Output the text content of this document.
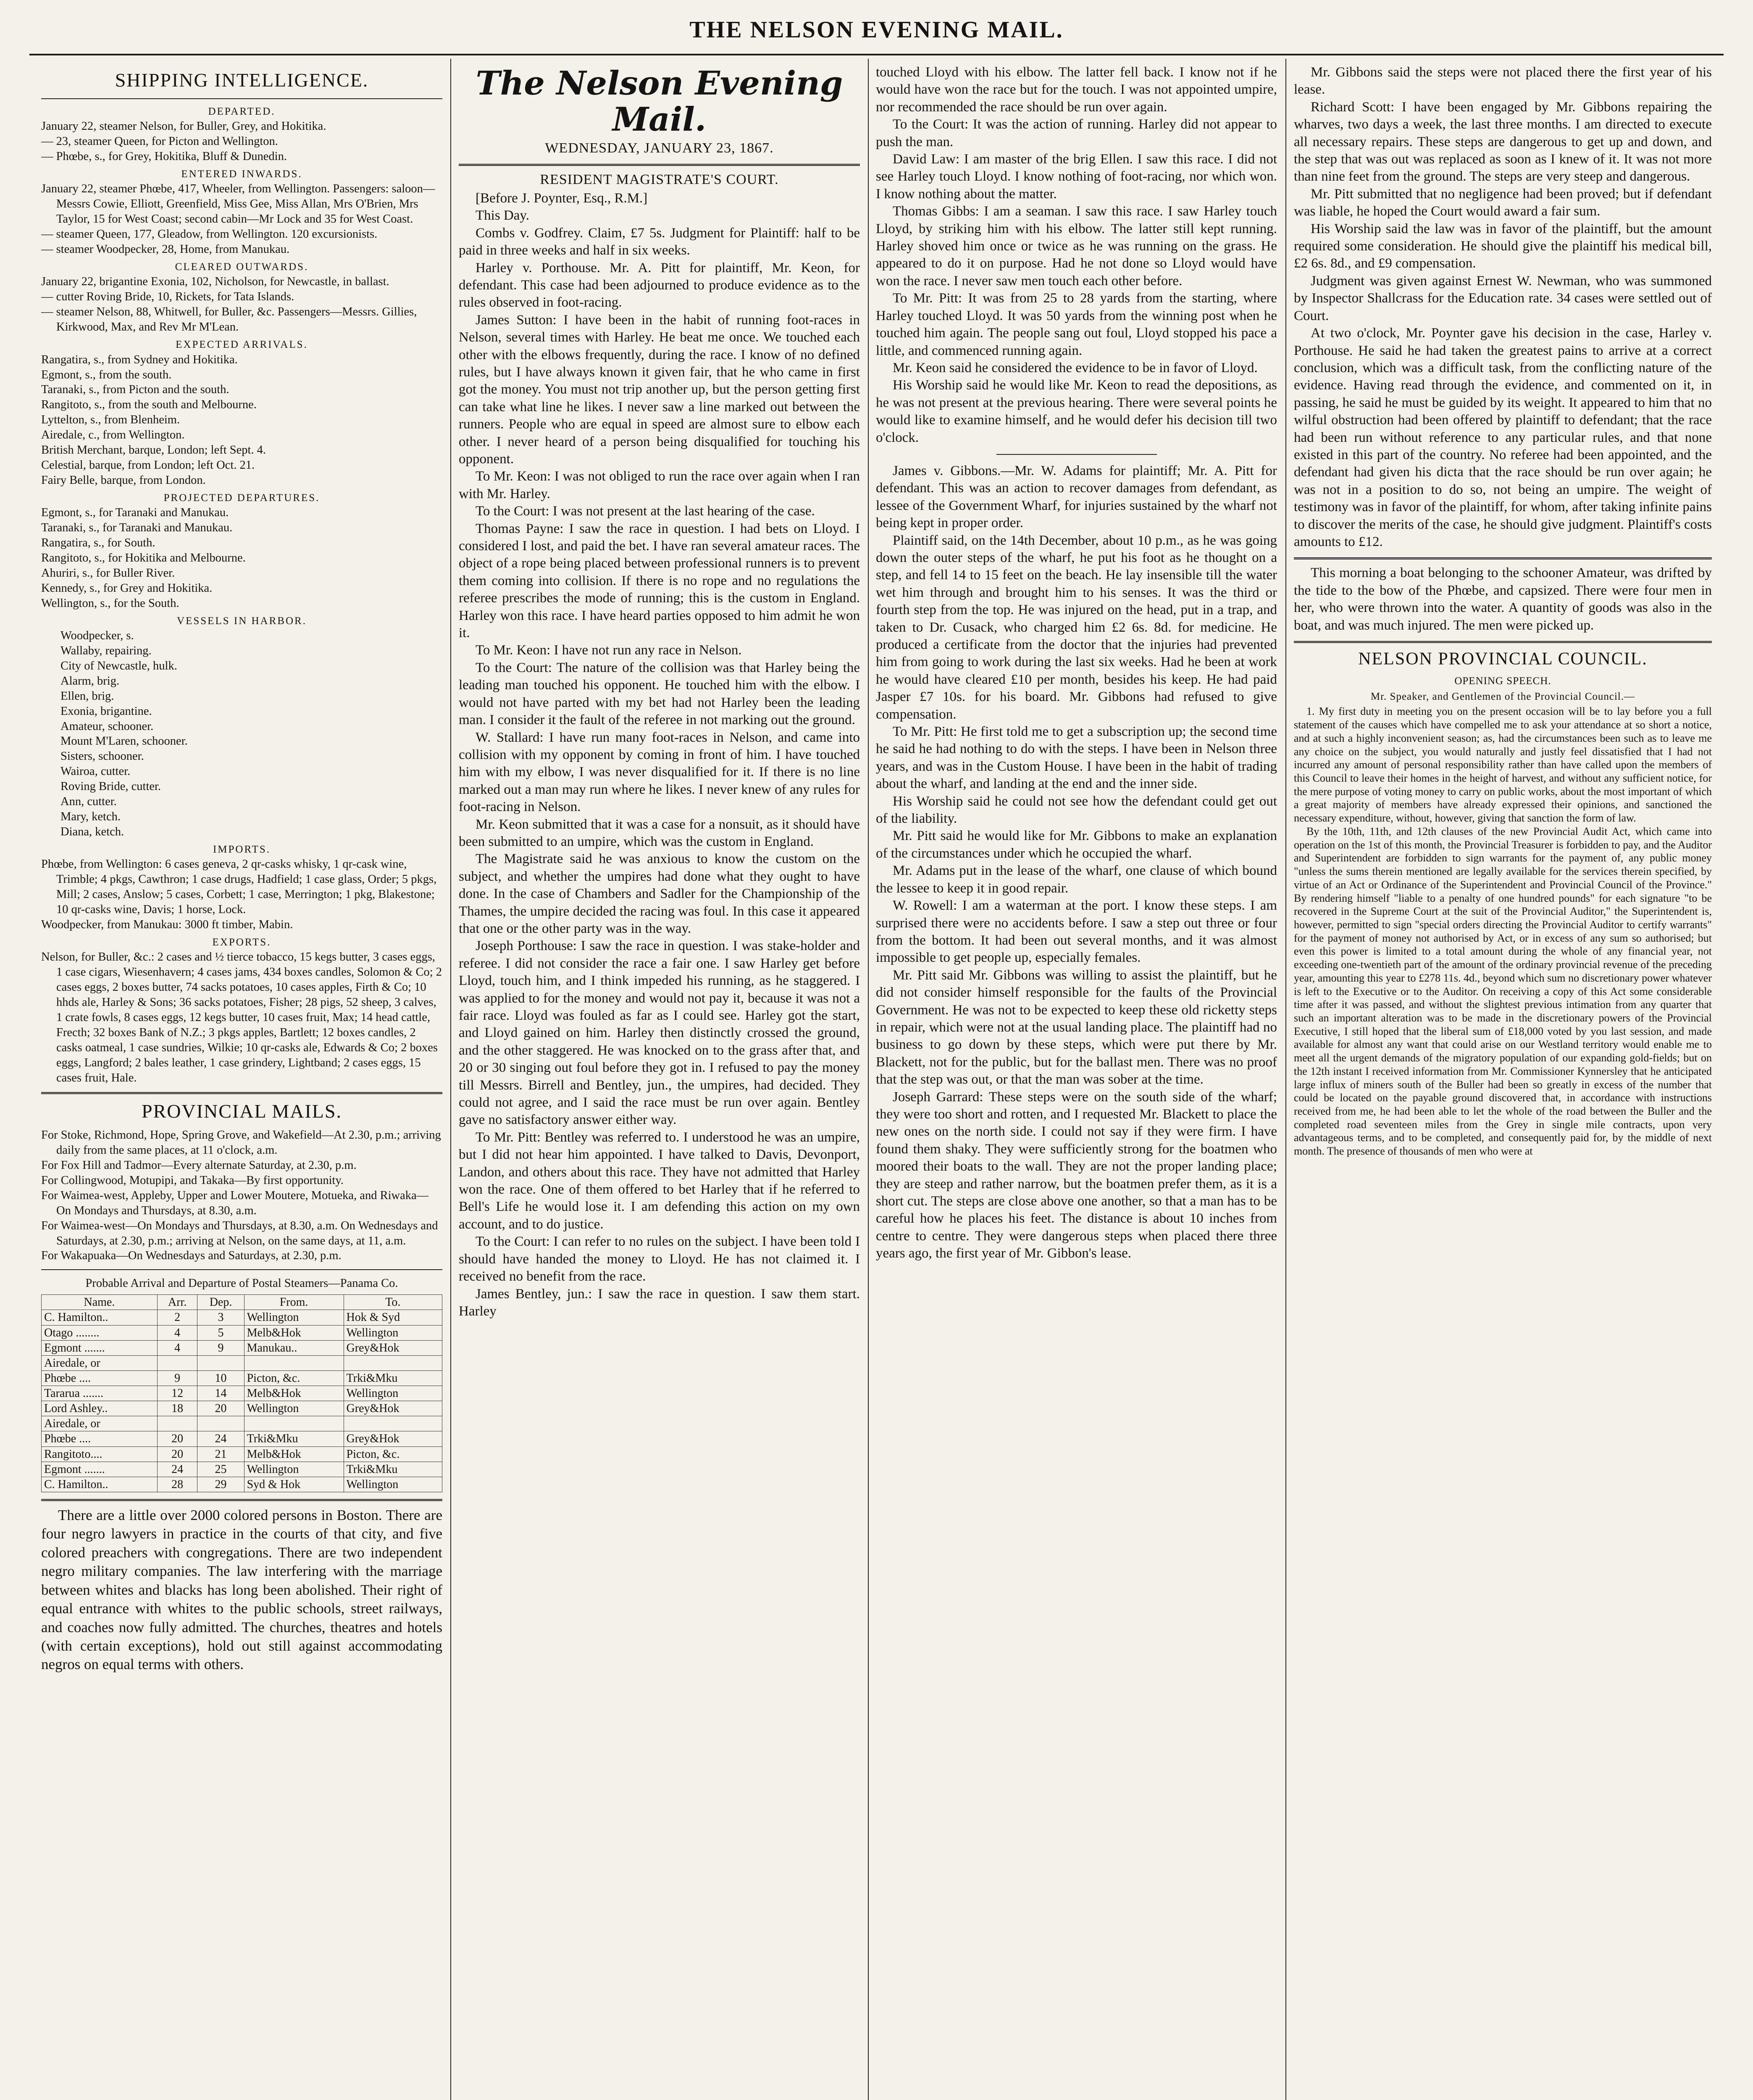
THE NELSON EVENING MAIL.
SHIPPING INTELLIGENCE.
DEPARTED.

January 22, steamer Nelson, for Buller, Grey, and Hokitika.

— 23, steamer Queen, for Picton and Wellington.

— Phœbe, s., for Grey, Hokitika, Bluff & Dunedin.

ENTERED INWARDS.

January 22, steamer Phœbe, 417, Wheeler, from Wellington. Passengers: saloon—Messrs Cowie, Elliott, Greenfield, Miss Gee, Miss Allan, Mrs O'Brien, Mrs Taylor, 15 for West Coast; second cabin—Mr Lock and 35 for West Coast.

— steamer Queen, 177, Gleadow, from Wellington. 120 excursionists.

— steamer Woodpecker, 28, Home, from Manukau.

CLEARED OUTWARDS.

January 22, brigantine Exonia, 102, Nicholson, for Newcastle, in ballast.

— cutter Roving Bride, 10, Rickets, for Tata Islands.

— steamer Nelson, 88, Whitwell, for Buller, &c. Passengers—Messrs. Gillies, Kirkwood, Max, and Rev Mr M'Lean.

EXPECTED ARRIVALS.

Rangatira, s., from Sydney and Hokitika.

Egmont, s., from the south.

Taranaki, s., from Picton and the south.

Rangitoto, s., from the south and Melbourne.

Lyttelton, s., from Blenheim.

Airedale, c., from Wellington.

British Merchant, barque, London; left Sept. 4.

Celestial, barque, from London; left Oct. 21.

Fairy Belle, barque, from London.

PROJECTED DEPARTURES.

Egmont, s., for Taranaki and Manukau.

Taranaki, s., for Taranaki and Manukau.

Rangatira, s., for South.

Rangitoto, s., for Hokitika and Melbourne.

Ahuriri, s., for Buller River.

Kennedy, s., for Grey and Hokitika.

Wellington, s., for the South.

VESSELS IN HARBOR.

Woodpecker, s.

Wallaby, repairing.

City of Newcastle, hulk.

Alarm, brig.

Ellen, brig.

Exonia, brigantine.

Amateur, schooner.

Mount M'Laren, schooner.

Sisters, schooner.

Wairoa, cutter.

Roving Bride, cutter.

Ann, cutter.

Mary, ketch.

Diana, ketch.

IMPORTS.

Phœbe, from Wellington: 6 cases geneva, 2 qr-casks whisky, 1 qr-cask wine, Trimble; 4 pkgs, Cawthron; 1 case drugs, Hadfield; 1 case glass, Order; 5 pkgs, Mill; 2 cases, Anslow; 5 cases, Corbett; 1 case, Merrington; 1 pkg, Blakestone; 10 qr-casks wine, Davis; 1 horse, Lock.

Woodpecker, from Manukau: 3000 ft timber, Mabin.

EXPORTS.

Nelson, for Buller, &c.: 2 cases and ½ tierce tobacco, 15 kegs butter, 3 cases eggs, 1 case cigars, Wiesenhavern; 4 cases jams, 434 boxes candles, Solomon & Co; 2 cases eggs, 2 boxes butter, 74 sacks potatoes, 10 cases apples, Firth & Co; 10 hhds ale, Harley & Sons; 36 sacks potatoes, Fisher; 28 pigs, 52 sheep, 3 calves, 1 crate fowls, 8 cases eggs, 12 kegs butter, 10 cases fruit, Max; 14 head cattle, Frecth; 32 boxes Bank of N.Z.; 3 pkgs apples, Bartlett; 12 boxes candles, 2 casks oatmeal, 1 case sundries, Wilkie; 10 qr-casks ale, Edwards & Co; 2 boxes eggs, Langford; 2 bales leather, 1 case grindery, Lightband; 2 cases eggs, 15 cases fruit, Hale.

PROVINCIAL MAILS.

For Stoke, Richmond, Hope, Spring Grove, and Wakefield—At 2.30, p.m.; arriving daily from the same places, at 11 o'clock, a.m.

For Fox Hill and Tadmor—Every alternate Saturday, at 2.30, p.m.

For Collingwood, Motupipi, and Takaka—By first opportunity.

For Waimea-west, Appleby, Upper and Lower Moutere, Motueka, and Riwaka—On Mondays and Thursdays, at 8.30, a.m.

For Waimea-west—On Mondays and Thursdays, at 8.30, a.m. On Wednesdays and Saturdays, at 2.30, p.m.; arriving at Nelson, on the same days, at 11, a.m.

For Wakapuaka—On Wednesdays and Saturdays, at 2.30, p.m.

Probable Arrival and Departure of Postal Steamers—Panama Co.

Name.	Arr.	Dep.	From.	To.
C. Hamilton..	2	3	Wellington	Hok & Syd
Otago ........	4	5	Melb&Hok	Wellington
Egmont .......	4	9	Manukau..	Grey&Hok
Airedale, or				
Phœbe ....	9	10	Picton, &c.	Trki&Mku
Tararua .......	12	14	Melb&Hok	Wellington
Lord Ashley..	18	20	Wellington	Grey&Hok
Airedale, or				
Phœbe ....	20	24	Trki&Mku	Grey&Hok
Rangitoto....	20	21	Melb&Hok	Picton, &c.
Egmont .......	24	25	Wellington	Trki&Mku
C. Hamilton..	28	29	Syd & Hok	Wellington

There are a little over 2000 colored persons in Boston. There are four negro lawyers in practice in the courts of that city, and five colored preachers with congregations. There are two independent negro military companies. The law interfering with the marriage between whites and blacks has long been abolished. Their right of equal entrance with whites to the public schools, street railways, and coaches now fully admitted. The churches, theatres and hotels (with certain exceptions), hold out still against accommodating negros on equal terms with others.

The Nelson Evening Mail.
WEDNESDAY, JANUARY 23, 1867.
RESIDENT MAGISTRATE'S COURT.

[Before J. Poynter, Esq., R.M.]

This Day.

Combs v. Godfrey. Claim, £7 5s. Judgment for Plaintiff: half to be paid in three weeks and half in six weeks.

Harley v. Porthouse. Mr. A. Pitt for plaintiff, Mr. Keon, for defendant. This case had been adjourned to produce evidence as to the rules observed in foot-racing.

James Sutton: I have been in the habit of running foot-races in Nelson, several times with Harley. He beat me once. We touched each other with the elbows frequently, during the race. I know of no defined rules, but I have always known it given fair, that he who came in first got the money. You must not trip another up, but the person getting first can take what line he likes. I never saw a line marked out between the runners. People who are equal in speed are almost sure to elbow each other. I never heard of a person being disqualified for touching his opponent.

To Mr. Keon: I was not obliged to run the race over again when I ran with Mr. Harley.

To the Court: I was not present at the last hearing of the case.

Thomas Payne: I saw the race in question. I had bets on Lloyd. I considered I lost, and paid the bet. I have ran several amateur races. The object of a rope being placed between professional runners is to prevent them coming into collision. If there is no rope and no regulations the referee prescribes the mode of running; this is the custom in England. Harley won this race. I have heard parties opposed to him admit he won it.

To Mr. Keon: I have not run any race in Nelson.

To the Court: The nature of the collision was that Harley being the leading man touched his opponent. He touched him with the elbow. I would not have parted with my bet had not Harley been the leading man. I consider it the fault of the referee in not marking out the ground.

W. Stallard: I have run many foot-races in Nelson, and came into collision with my opponent by coming in front of him. I have touched him with my elbow, I was never disqualified for it. If there is no line marked out a man may run where he likes. I never knew of any rules for foot-racing in Nelson.

Mr. Keon submitted that it was a case for a nonsuit, as it should have been submitted to an umpire, which was the custom in England.

The Magistrate said he was anxious to know the custom on the subject, and whether the umpires had done what they ought to have done. In the case of Chambers and Sadler for the Championship of the Thames, the umpire decided the racing was foul. In this case it appeared that one or the other party was in the way.

Joseph Porthouse: I saw the race in question. I was stake-holder and referee. I did not consider the race a fair one. I saw Harley get before Lloyd, touch him, and I think impeded his running, as he staggered. I was applied to for the money and would not pay it, because it was not a fair race. Lloyd was fouled as far as I could see. Harley got the start, and Lloyd gained on him. Harley then distinctly crossed the ground, and the other staggered. He was knocked on to the grass after that, and 20 or 30 singing out foul before they got in. I refused to pay the money till Messrs. Birrell and Bentley, jun., the umpires, had decided. They could not agree, and I said the race must be run over again. Bentley gave no satisfactory answer either way.

To Mr. Pitt: Bentley was referred to. I understood he was an umpire, but I did not hear him appointed. I have talked to Davis, Devonport, Landon, and others about this race. They have not admitted that Harley won the race. One of them offered to bet Harley that if he referred to Bell's Life he would lose it. I am defending this action on my own account, and to do justice.

To the Court: I can refer to no rules on the subject. I have been told I should have handed the money to Lloyd. He has not claimed it. I received no benefit from the race.

James Bentley, jun.: I saw the race in question. I saw them start. Harley

touched Lloyd with his elbow. The latter fell back. I know not if he would have won the race but for the touch. I was not appointed umpire, nor recommended the race should be run over again.

To the Court: It was the action of running. Harley did not appear to push the man.

David Law: I am master of the brig Ellen. I saw this race. I did not see Harley touch Lloyd. I know nothing of foot-racing, nor which won. I know nothing about the matter.

Thomas Gibbs: I am a seaman. I saw this race. I saw Harley touch Lloyd, by striking him with his elbow. The latter still kept running. Harley shoved him once or twice as he was running on the grass. He appeared to do it on purpose. Had he not done so Lloyd would have won the race. I never saw men touch each other before.

To Mr. Pitt: It was from 25 to 28 yards from the starting, where Harley touched Lloyd. It was 50 yards from the winning post when he touched him again. The people sang out foul, Lloyd stopped his pace a little, and commenced running again.

Mr. Keon said he considered the evidence to be in favor of Lloyd.

His Worship said he would like Mr. Keon to read the depositions, as he was not present at the previous hearing. There were several points he would like to examine himself, and he would defer his decision till two o'clock.

James v. Gibbons.—Mr. W. Adams for plaintiff; Mr. A. Pitt for defendant. This was an action to recover damages from defendant, as lessee of the Government Wharf, for injuries sustained by the wharf not being kept in proper order.

Plaintiff said, on the 14th December, about 10 p.m., as he was going down the outer steps of the wharf, he put his foot as he thought on a step, and fell 14 to 15 feet on the beach. He lay insensible till the water wet him through and brought him to his senses. It was the third or fourth step from the top. He was injured on the head, put in a trap, and taken to Dr. Cusack, who charged him £2 6s. 8d. for medicine. He produced a certificate from the doctor that the injuries had prevented him from going to work during the last six weeks. Had he been at work he would have cleared £10 per month, besides his keep. He had paid Jasper £7 10s. for his board. Mr. Gibbons had refused to give compensation.

To Mr. Pitt: He first told me to get a subscription up; the second time he said he had nothing to do with the steps. I have been in Nelson three years, and was in the Custom House. I have been in the habit of trading about the wharf, and landing at the end and the inner side.

His Worship said he could not see how the defendant could get out of the liability.

Mr. Pitt said he would like for Mr. Gibbons to make an explanation of the circumstances under which he occupied the wharf.

Mr. Adams put in the lease of the wharf, one clause of which bound the lessee to keep it in good repair.

W. Rowell: I am a waterman at the port. I know these steps. I am surprised there were no accidents before. I saw a step out three or four from the bottom. It had been out several months, and it was almost impossible to get people up, especially females.

Mr. Pitt said Mr. Gibbons was willing to assist the plaintiff, but he did not consider himself responsible for the faults of the Provincial Government. He was not to be expected to keep these old ricketty steps in repair, which were not at the usual landing place. The plaintiff had no business to go down by these steps, which were put there by Mr. Blackett, not for the public, but for the ballast men. There was no proof that the step was out, or that the man was sober at the time.

Joseph Garrard: These steps were on the south side of the wharf; they were too short and rotten, and I requested Mr. Blackett to place the new ones on the north side. I could not say if they were firm. I have found them shaky. They were sufficiently strong for the boatmen who moored their boats to the wall. They are not the proper landing place; they are steep and rather narrow, but the boatmen prefer them, as it is a short cut. The steps are close above one another, so that a man has to be careful how he places his feet. The distance is about 10 inches from centre to centre. They were dangerous steps when placed there three years ago, the first year of Mr. Gibbon's lease.

Mr. Gibbons said the steps were not placed there the first year of his lease.

Richard Scott: I have been engaged by Mr. Gibbons repairing the wharves, two days a week, the last three months. I am directed to execute all necessary repairs. These steps are dangerous to get up and down, and the step that was out was replaced as soon as I knew of it. It was not more than nine feet from the ground. The steps are very steep and dangerous.

Mr. Pitt submitted that no negligence had been proved; but if defendant was liable, he hoped the Court would award a fair sum.

His Worship said the law was in favor of the plaintiff, but the amount required some consideration. He should give the plaintiff his medical bill, £2 6s. 8d., and £9 compensation.

Judgment was given against Ernest W. Newman, who was summoned by Inspector Shallcrass for the Education rate. 34 cases were settled out of Court.

At two o'clock, Mr. Poynter gave his decision in the case, Harley v. Porthouse. He said he had taken the greatest pains to arrive at a correct conclusion, which was a difficult task, from the conflicting nature of the evidence. Having read through the evidence, and commented on it, in passing, he said he must be guided by its weight. It appeared to him that no wilful obstruction had been offered by plaintiff to defendant; that the race had been run without reference to any particular rules, and that none existed in this part of the country. No referee had been appointed, and the defendant had given his dicta that the race should be run over again; he was not in a position to do so, not being an umpire. The weight of testimony was in favor of the plaintiff, for whom, after taking infinite pains to discover the merits of the case, he should give judgment. Plaintiff's costs amounts to £12.

This morning a boat belonging to the schooner Amateur, was drifted by the tide to the bow of the Phœbe, and capsized. There were four men in her, who were thrown into the water. A quantity of goods was also in the boat, and was much injured. The men were picked up.

NELSON PROVINCIAL COUNCIL.
OPENING SPEECH.
Mr. Speaker, and Gentlemen of the Provincial Council.—

1. My first duty in meeting you on the present occasion will be to lay before you a full statement of the causes which have compelled me to ask your attendance at so short a notice, and at such a highly inconvenient season; as, had the circumstances been such as to leave me any choice on the subject, you would naturally and justly feel dissatisfied that I had not incurred any amount of personal responsibility rather than have called upon the members of this Council to leave their homes in the height of harvest, and without any sufficient notice, for the mere purpose of voting money to carry on public works, about the most important of which a great majority of members have already expressed their opinions, and sanctioned the necessary expenditure, without, however, giving that sanction the form of law.

By the 10th, 11th, and 12th clauses of the new Provincial Audit Act, which came into operation on the 1st of this month, the Provincial Treasurer is forbidden to pay, and the Auditor and Superintendent are forbidden to sign warrants for the payment of, any public money "unless the sums therein mentioned are legally available for the services therein specified, by virtue of an Act or Ordinance of the Superintendent and Provincial Council of the Province." By rendering himself "liable to a penalty of one hundred pounds" for each signature "to be recovered in the Supreme Court at the suit of the Provincial Auditor," the Superintendent is, however, permitted to sign "special orders directing the Provincial Auditor to certify warrants" for the payment of money not authorised by Act, or in excess of any sum so authorised; but even this power is limited to a total amount during the whole of any financial year, not exceeding one-twentieth part of the amount of the ordinary provincial revenue of the preceding year, amounting this year to £278 11s. 4d., beyond which sum no discretionary power whatever is left to the Executive or to the Auditor. On receiving a copy of this Act some considerable time after it was passed, and without the slightest previous intimation from any quarter that such an important alteration was to be made in the discretionary powers of the Provincial Executive, I still hoped that the liberal sum of £18,000 voted by you last session, and made available for almost any want that could arise on our Westland territory would enable me to meet all the urgent demands of the migratory population of our expanding gold-fields; but on the 12th instant I received information from Mr. Commissioner Kynnersley that he anticipated large influx of miners south of the Buller had been so greatly in excess of the number that could be located on the payable ground discovered that, in accordance with instructions received from me, he had been able to let the whole of the road between the Buller and the completed road seventeen miles from the Grey in single mile contracts, upon very advantageous terms, and to be completed, and consequently paid for, by the middle of next month. The presence of thousands of men who were at
